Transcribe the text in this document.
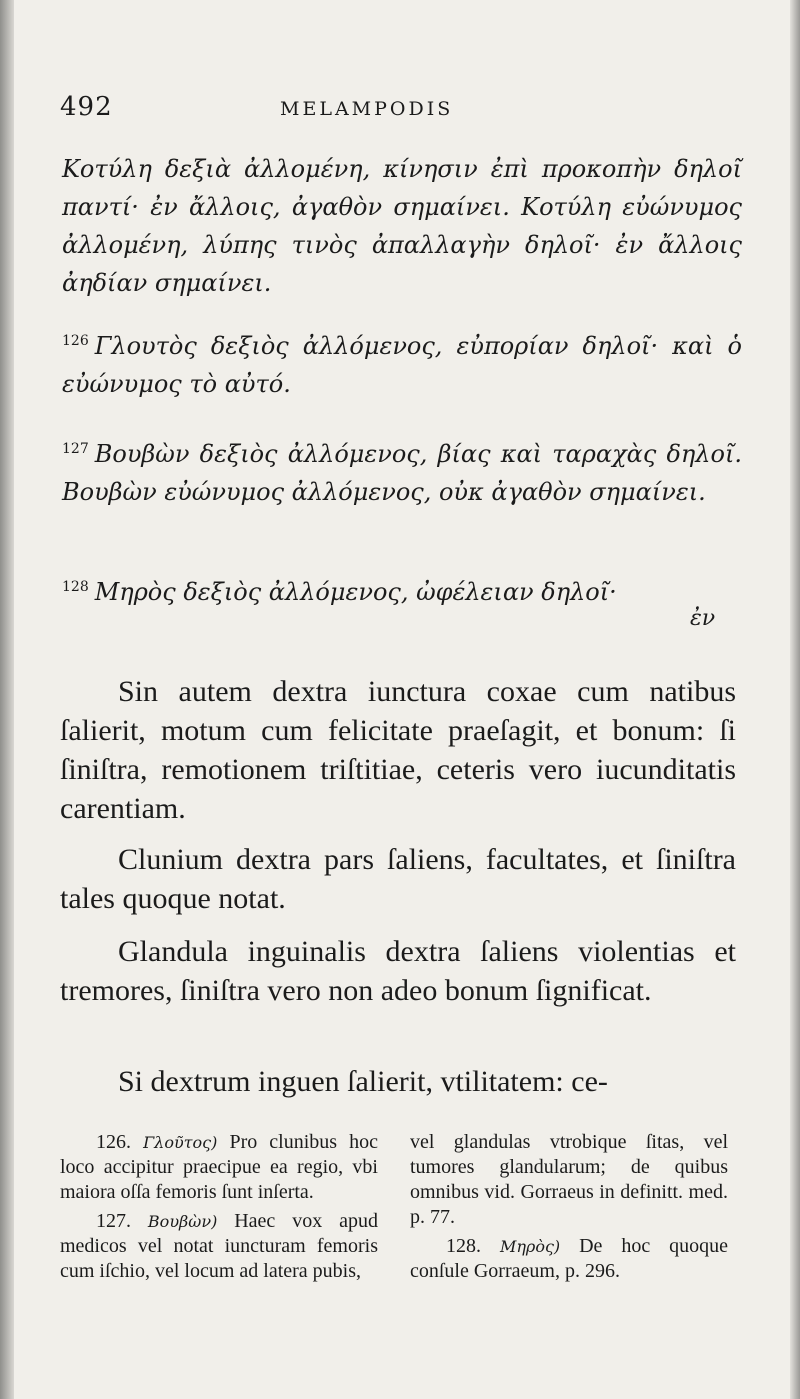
492	MELAMPODIS

Κοτύλη δεξιὰ ἀλλομένη, κίνησιν ἐπὶ προκοπὴν δηλοῖ παντί· ἐν ἄλλοις, ἀγαθὸν σημαίνει. Κοτύλη εὐώνυμος ἀλλομένη, λύπης τινὸς ἀπαλλαγὴν δηλοῖ· ἐν ἄλλοις ἀηδίαν σημαίνει.

$^{126}$ Γλουτὸς δεξιὸς ἀλλόμενος, εὐπορίαν δηλοῖ· καὶ ὁ εὐώνυμος τὸ αὐτό.

$^{127}$ Βουβὼν δεξιὸς ἀλλόμενος, βίας καὶ ταραχὰς δηλοῖ. Βουβὼν εὐώνυμος ἀλλόμενος, οὐκ ἀγαθὸν σημαίνει.

$^{128}$ Μηρὸς δεξιὸς ἀλλόμενος, ὠφέλειαν δηλοῖ·

ἐν

Sin autem dextra iunctura coxae cum natibus ſalierit, motum cum felicitate praeſagit, et bonum: ſi ſiniſtra, remotionem triſtitiae, ceteris vero iucunditatis carentiam.

Clunium dextra pars ſaliens, facultates, et ſiniſtra tales quoque notat.

Glandula inguinalis dextra ſaliens violentias et tremores, ſiniſtra vero non adeo bonum ſignificat.

Si dextrum inguen ſalierit, vtilitatem: ce-

126. Γλοῦτος) Pro clunibus hoc loco accipitur praecipue ea regio, vbi maiora oſſa femoris ſunt inſerta.

127. Βουβὼν) Haec vox apud medicos vel notat iuncturam femoris cum iſchio, vel locum ad latera pubis,

vel glandulas vtrobique ſitas, vel tumores glandularum; de quibus omnibus vid. Gorraeus in definitt. med. p. 77.

128. Μηρὸς) De hoc quoque conſule Gorraeum, p. 296.
